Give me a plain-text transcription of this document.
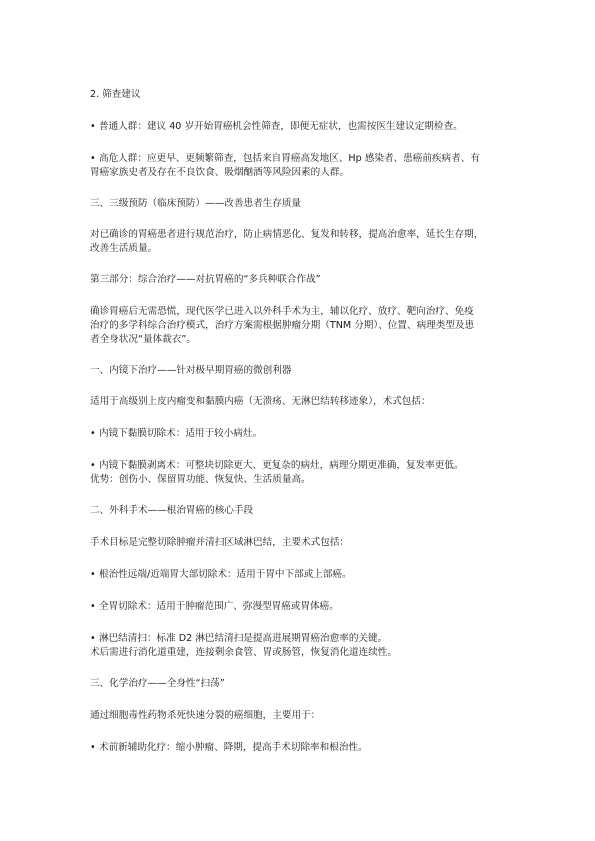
2. 筛查建议
• 普通人群：建议 40 岁开始胃癌机会性筛查，即便无症状，也需按医生建议定期检查。
• 高危人群：应更早、更频繁筛查，包括来自胃癌高发地区、Hp 感染者、患癌前疾病者、有
胃癌家族史者及存在不良饮食、吸烟酗酒等风险因素的人群。
三、三级预防（临床预防）——改善患者生存质量
对已确诊的胃癌患者进行规范治疗，防止病情恶化、复发和转移，提高治愈率，延长生存期，
改善生活质量。
第三部分：综合治疗——对抗胃癌的“多兵种联合作战”
确诊胃癌后无需恐慌，现代医学已进入以外科手术为主，辅以化疗、放疗、靶向治疗、免疫
治疗的多学科综合治疗模式，治疗方案需根据肿瘤分期（TNM 分期）、位置、病理类型及患
者全身状况“量体裁衣”。
一、内镜下治疗——针对极早期胃癌的微创利器
适用于高级别上皮内瘤变和黏膜内癌（无溃疡、无淋巴结转移迹象），术式包括：
• 内镜下黏膜切除术：适用于较小病灶。
• 内镜下黏膜剥离术：可整块切除更大、更复杂的病灶，病理分期更准确，复发率更低。
优势：创伤小、保留胃功能、恢复快、生活质量高。
二、外科手术——根治胃癌的核心手段
手术目标是完整切除肿瘤并清扫区域淋巴结，主要术式包括：
• 根治性远端/近端胃大部切除术：适用于胃中下部或上部癌。
• 全胃切除术：适用于肿瘤范围广、弥漫型胃癌或胃体癌。
• 淋巴结清扫：标准 D2 淋巴结清扫是提高进展期胃癌治愈率的关键。
术后需进行消化道重建，连接剩余食管、胃或肠管，恢复消化道连续性。
三、化学治疗——全身性“扫荡”
通过细胞毒性药物杀死快速分裂的癌细胞，主要用于：
• 术前新辅助化疗：缩小肿瘤、降期，提高手术切除率和根治性。
